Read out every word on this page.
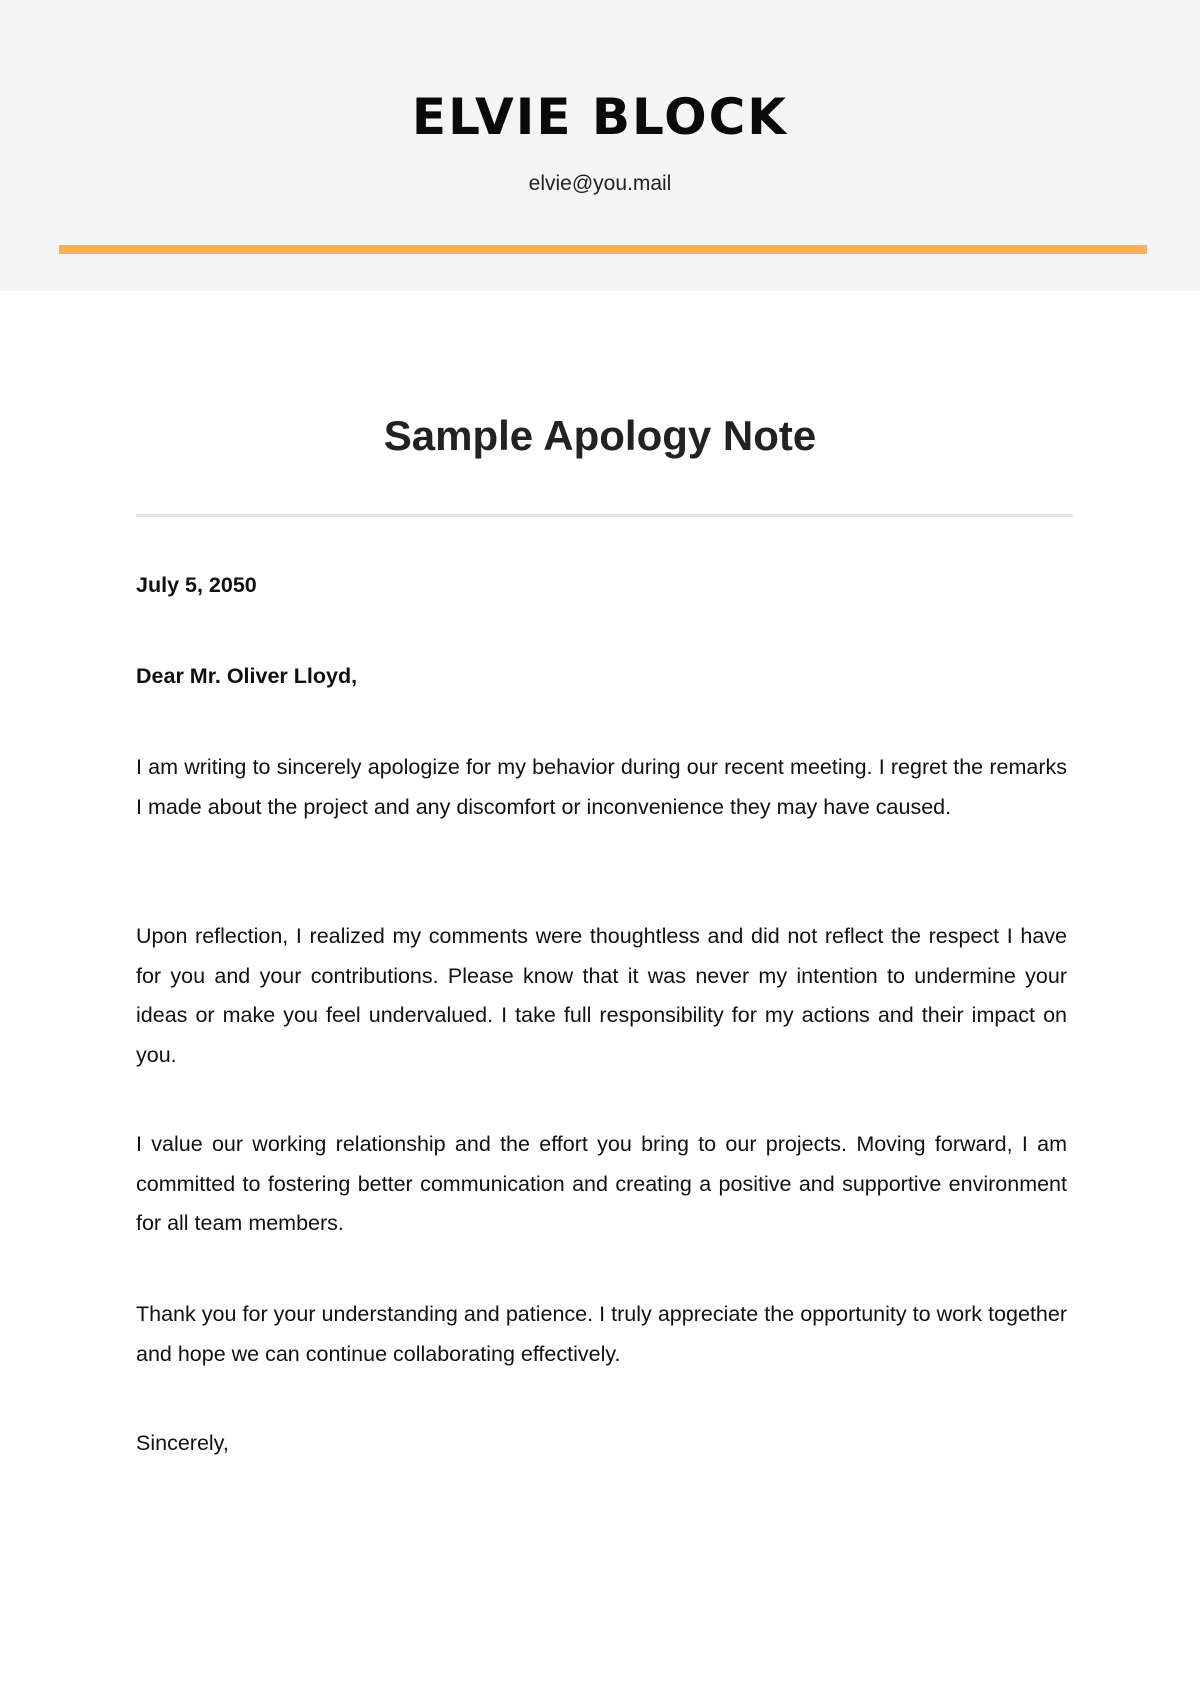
ELVIE BLOCK
elvie@you.mail
Sample Apology Note
July 5, 2050
Dear Mr. Oliver Lloyd,

I am writing to sincerely apologize for my behavior during our recent meeting. I regret the remarks I made about the project and any discomfort or inconvenience they may have caused.

Upon reflection, I realized my comments were thoughtless and did not reflect the respect I have for you and your contributions. Please know that it was never my intention to undermine your ideas or make you feel undervalued. I take full responsibility for my actions and their impact on you.

I value our working relationship and the effort you bring to our projects. Moving forward, I am committed to fostering better communication and creating a positive and supportive environment for all team members.

Thank you for your understanding and patience. I truly appreciate the opportunity to work together and hope we can continue collaborating effectively.

Sincerely,
